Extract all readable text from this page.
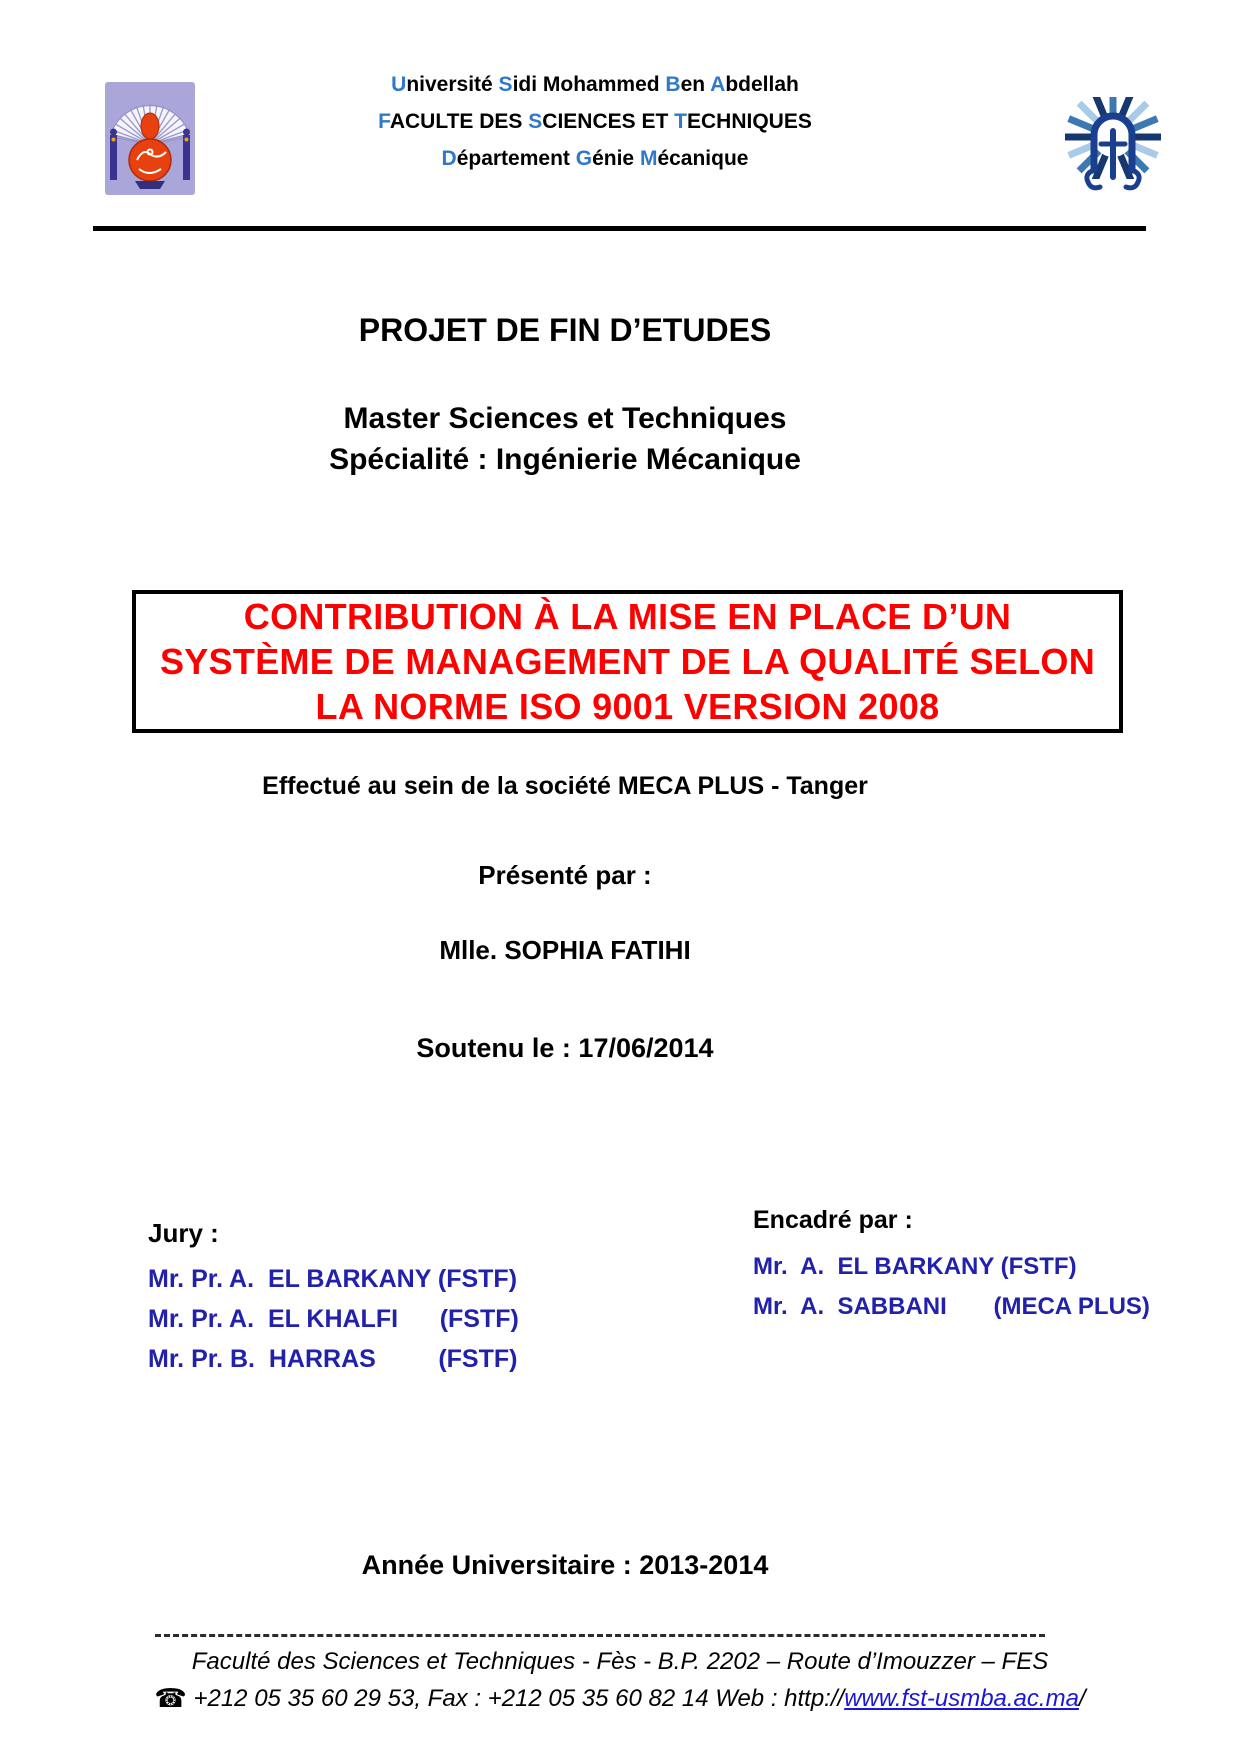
Université Sidi Mohammed Ben Abdellah
FACULTE DES SCIENCES ET TECHNIQUES
Département Génie Mécanique
PROJET DE FIN D’ETUDES
Master Sciences et Techniques
Spécialité : Ingénierie Mécanique
CONTRIBUTION À LA MISE EN PLACE D’UN
SYSTÈME DE MANAGEMENT DE LA QUALITÉ SELON
LA NORME ISO 9001 VERSION 2008
Effectué au sein de la société MECA PLUS - Tanger
Présenté par :
Mlle. SOPHIA FATIHI
Soutenu le : 17/06/2014
Jury :
Mr. Pr. A.  EL BARKANY (FSTF)
Mr. Pr. A.  EL KHALFI      (FSTF)
Mr. Pr. B.  HARRAS         (FSTF)
Encadré par :
Mr.  A.  EL BARKANY (FSTF)
Mr.  A.  SABBANI       (MECA PLUS)
Année Universitaire : 2013-2014
Faculté des Sciences et Techniques - Fès - B.P. 2202 – Route d’Imouzzer – FES
☎ +212 05 35 60 29 53, Fax : +212 05 35 60 82 14 Web : http://www.fst-usmba.ac.ma/
